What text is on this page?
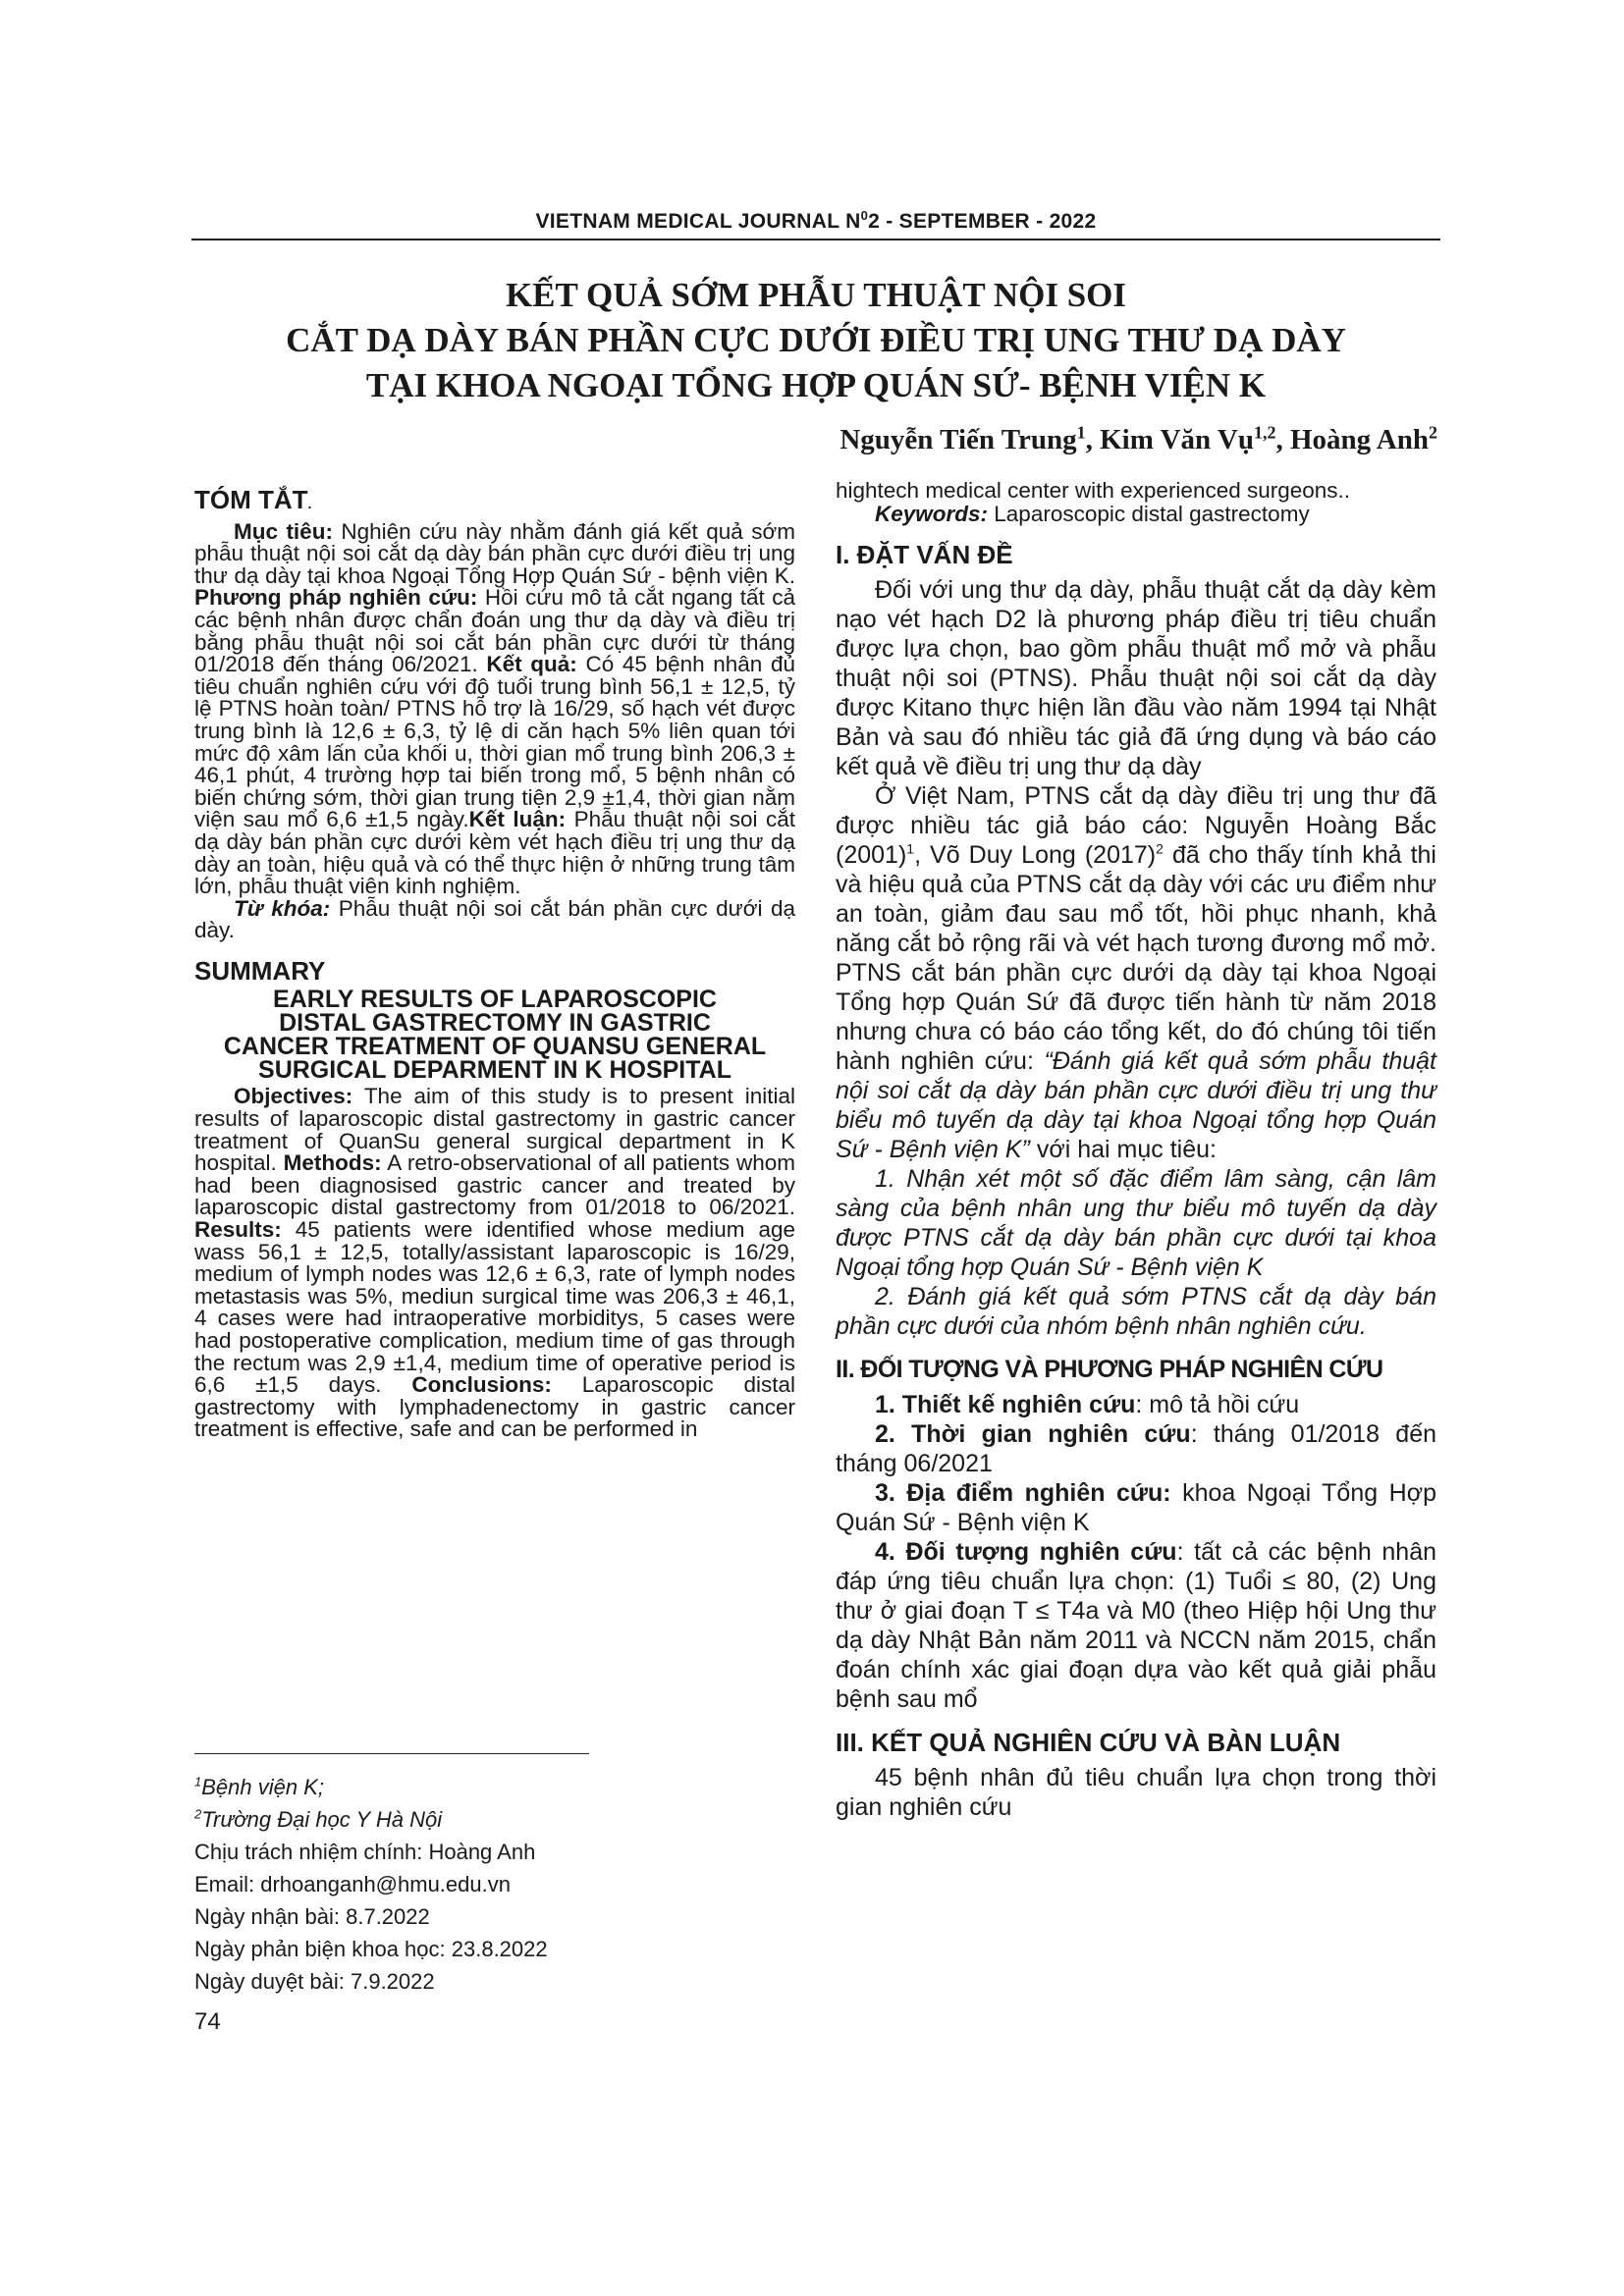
VIETNAM MEDICAL JOURNAL $N^02$ - SEPTEMBER - 2022
KẾT QUẢ SỚM PHẪU THUẬT NỘI SOI
CẮT DẠ DÀY BÁN PHẦN CỰC DƯỚI ĐIỀU TRỊ UNG THƯ DẠ DÀY
TẠI KHOA NGOẠI TỔNG HỢP QUÁN SỨ- BỆNH VIỆN K
Nguyễn Tiến Trung$^1$, Kim Văn Vụ$^{1,2}$, Hoàng Anh$^2$
TÓM TẮT.

Mục tiêu: Nghiên cứu này nhằm đánh giá kết quả sớm phẫu thuật nội soi cắt dạ dày bán phần cực dưới điều trị ung thư dạ dày tại khoa Ngoại Tổng Hợp Quán Sứ - bệnh viện K. Phương pháp nghiên cứu: Hồi cứu mô tả cắt ngang tất cả các bệnh nhân được chẩn đoán ung thư dạ dày và điều trị bằng phẫu thuật nội soi cắt bán phần cực dưới từ tháng 01/2018 đến tháng 06/2021. Kết quả: Có 45 bệnh nhân đủ tiêu chuẩn nghiên cứu với độ tuổi trung bình 56,1 ± 12,5, tỷ lệ PTNS hoàn toàn/ PTNS hỗ trợ là 16/29, số hạch vét được trung bình là 12,6 ± 6,3, tỷ lệ di căn hạch 5% liên quan tới mức độ xâm lấn của khối u, thời gian mổ trung bình 206,3 ± 46,1 phút, 4 trường hợp tai biến trong mổ, 5 bệnh nhân có biến chứng sớm, thời gian trung tiện 2,9 ±1,4, thời gian nằm viện sau mổ 6,6 ±1,5 ngày.Kết luận: Phẫu thuật nội soi cắt dạ dày bán phần cực dưới kèm vét hạch điều trị ung thư dạ dày an toàn, hiệu quả và có thể thực hiện ở những trung tâm lớn, phẫu thuật viên kinh nghiệm.

Từ khóa: Phẫu thuật nội soi cắt bán phần cực dưới dạ dày.

SUMMARY
EARLY RESULTS OF LAPAROSCOPIC
DISTAL GASTRECTOMY IN GASTRIC
CANCER TREATMENT OF QUANSU GENERAL
SURGICAL DEPARMENT IN K HOSPITAL

Objectives: The aim of this study is to present initial results of laparoscopic distal gastrectomy in gastric cancer treatment of QuanSu general surgical department in K hospital. Methods: A retro-observational of all patients whom had been diagnosised gastric cancer and treated by laparoscopic distal gastrectomy from 01/2018 to 06/2021. Results: 45 patients were identified whose medium age wass 56,1 ± 12,5, totally/assistant laparoscopic is 16/29, medium of lymph nodes was 12,6 ± 6,3, rate of lymph nodes metastasis was 5%, mediun surgical time was 206,3 ± 46,1, 4 cases were had intraoperative morbiditys, 5 cases were had postoperative complication, medium time of gas through the rectum was 2,9 ±1,4, medium time of operative period is 6,6 ±1,5 days. Conclusions: Laparoscopic distal gastrectomy with lymphadenectomy in gastric cancer treatment is effective, safe and can be performed in

$^1$Bệnh viện K;
$^2$Trường Đại học Y Hà Nội
Chịu trách nhiệm chính: Hoàng Anh
Email: drhoanganh@hmu.edu.vn
Ngày nhận bài: 8.7.2022
Ngày phản biện khoa học: 23.8.2022
Ngày duyệt bài: 7.9.2022
74

hightech medical center with experienced surgeons..

Keywords: Laparoscopic distal gastrectomy

I. ĐẶT VẤN ĐỀ

Đối với ung thư dạ dày, phẫu thuật cắt dạ dày kèm nạo vét hạch D2 là phương pháp điều trị tiêu chuẩn được lựa chọn, bao gồm phẫu thuật mổ mở và phẫu thuật nội soi (PTNS). Phẫu thuật nội soi cắt dạ dày được Kitano thực hiện lần đầu vào năm 1994 tại Nhật Bản và sau đó nhiều tác giả đã ứng dụng và báo cáo kết quả về điều trị ung thư dạ dày

Ở Việt Nam, PTNS cắt dạ dày điều trị ung thư đã được nhiều tác giả báo cáo: Nguyễn Hoàng Bắc $(2001)^1$, Võ Duy Long $(2017)^2$ đã cho thấy tính khả thi và hiệu quả của PTNS cắt dạ dày với các ưu điểm như an toàn, giảm đau sau mổ tốt, hồi phục nhanh, khả năng cắt bỏ rộng rãi và vét hạch tương đương mổ mở. PTNS cắt bán phần cực dưới dạ dày tại khoa Ngoại Tổng hợp Quán Sứ đã được tiến hành từ năm 2018 nhưng chưa có báo cáo tổng kết, do đó chúng tôi tiến hành nghiên cứu: “Đánh giá kết quả sớm phẫu thuật nội soi cắt dạ dày bán phần cực dưới điều trị ung thư biểu mô tuyến dạ dày tại khoa Ngoại tổng hợp Quán Sứ - Bệnh viện K” với hai mục tiêu:

1. Nhận xét một số đặc điểm lâm sàng, cận lâm sàng của bệnh nhân ung thư biểu mô tuyến dạ dày được PTNS cắt dạ dày bán phần cực dưới tại khoa Ngoại tổng hợp Quán Sứ - Bệnh viện K

2. Đánh giá kết quả sớm PTNS cắt dạ dày bán phần cực dưới của nhóm bệnh nhân nghiên cứu.

II. ĐỐI TƯỢNG VÀ PHƯƠNG PHÁP NGHIÊN CỨU

1. Thiết kế nghiên cứu: mô tả hồi cứu

2. Thời gian nghiên cứu: tháng 01/2018 đến tháng 06/2021

3. Địa điểm nghiên cứu: khoa Ngoại Tổng Hợp Quán Sứ - Bệnh viện K

4. Đối tượng nghiên cứu: tất cả các bệnh nhân đáp ứng tiêu chuẩn lựa chọn: (1) Tuổi ≤ 80, (2) Ung thư ở giai đoạn T ≤ T4a và M0 (theo Hiệp hội Ung thư dạ dày Nhật Bản năm 2011 và NCCN năm 2015, chẩn đoán chính xác giai đoạn dựa vào kết quả giải phẫu bệnh sau mổ

III. KẾT QUẢ NGHIÊN CỨU VÀ BÀN LUẬN

45 bệnh nhân đủ tiêu chuẩn lựa chọn trong thời gian nghiên cứu
